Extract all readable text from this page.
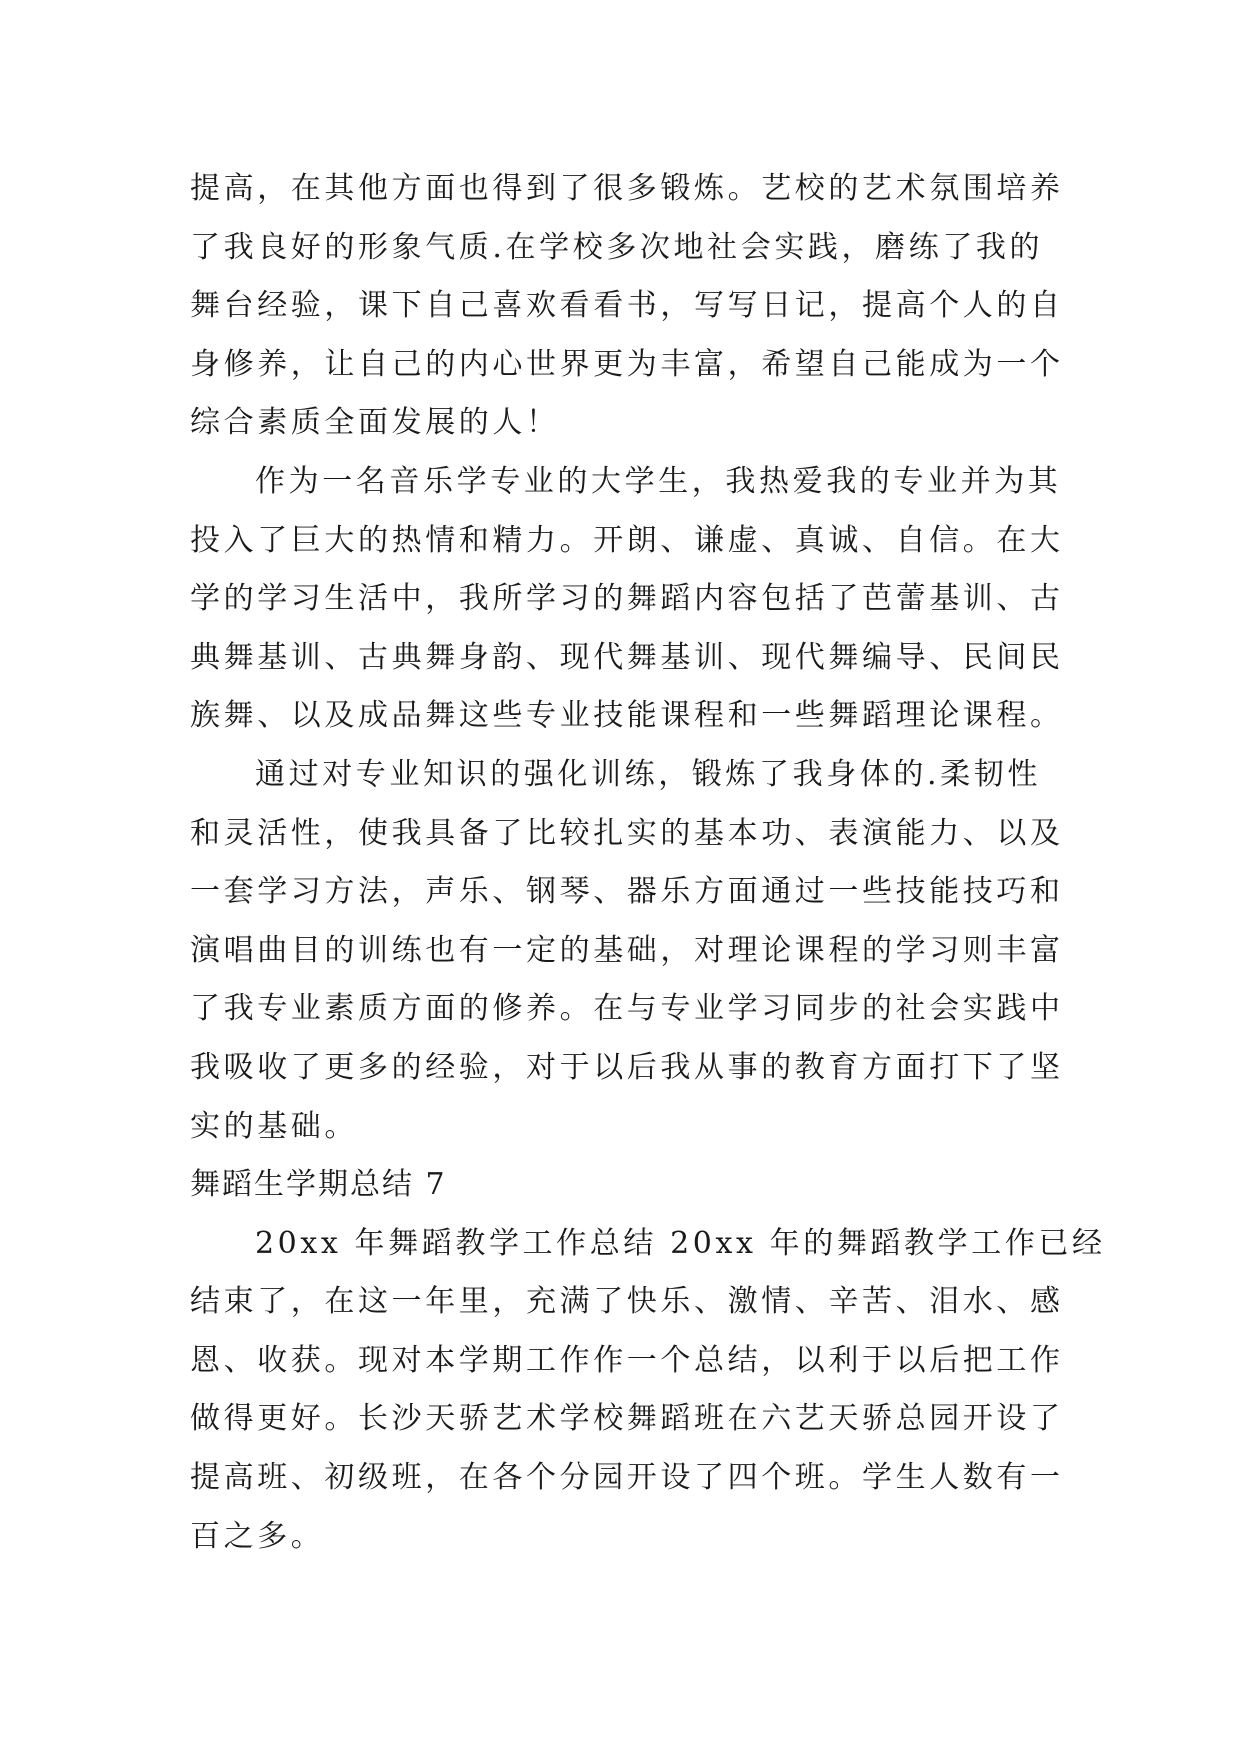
提高，在其他方面也得到了很多锻炼。艺校的艺术氛围培养

了我良好的形象气质.在学校多次地社会实践，磨练了我的

舞台经验，课下自己喜欢看看书，写写日记，提高个人的自

身修养，让自己的内心世界更为丰富，希望自己能成为一个

综合素质全面发展的人！

作为一名音乐学专业的大学生，我热爱我的专业并为其

投入了巨大的热情和精力。开朗、谦虚、真诚、自信。在大

学的学习生活中，我所学习的舞蹈内容包括了芭蕾基训、古

典舞基训、古典舞身韵、现代舞基训、现代舞编导、民间民

族舞、以及成品舞这些专业技能课程和一些舞蹈理论课程。

通过对专业知识的强化训练，锻炼了我身体的.柔韧性

和灵活性，使我具备了比较扎实的基本功、表演能力、以及

一套学习方法，声乐、钢琴、器乐方面通过一些技能技巧和

演唱曲目的训练也有一定的基础，对理论课程的学习则丰富

了我专业素质方面的修养。在与专业学习同步的社会实践中

我吸收了更多的经验，对于以后我从事的教育方面打下了坚

实的基础。

舞蹈生学期总结 7

20xx 年舞蹈教学工作总结 20xx 年的舞蹈教学工作已经

结束了，在这一年里，充满了快乐、激情、辛苦、泪水、感

恩、收获。现对本学期工作作一个总结，以利于以后把工作

做得更好。长沙天骄艺术学校舞蹈班在六艺天骄总园开设了

提高班、初级班，在各个分园开设了四个班。学生人数有一

百之多。
